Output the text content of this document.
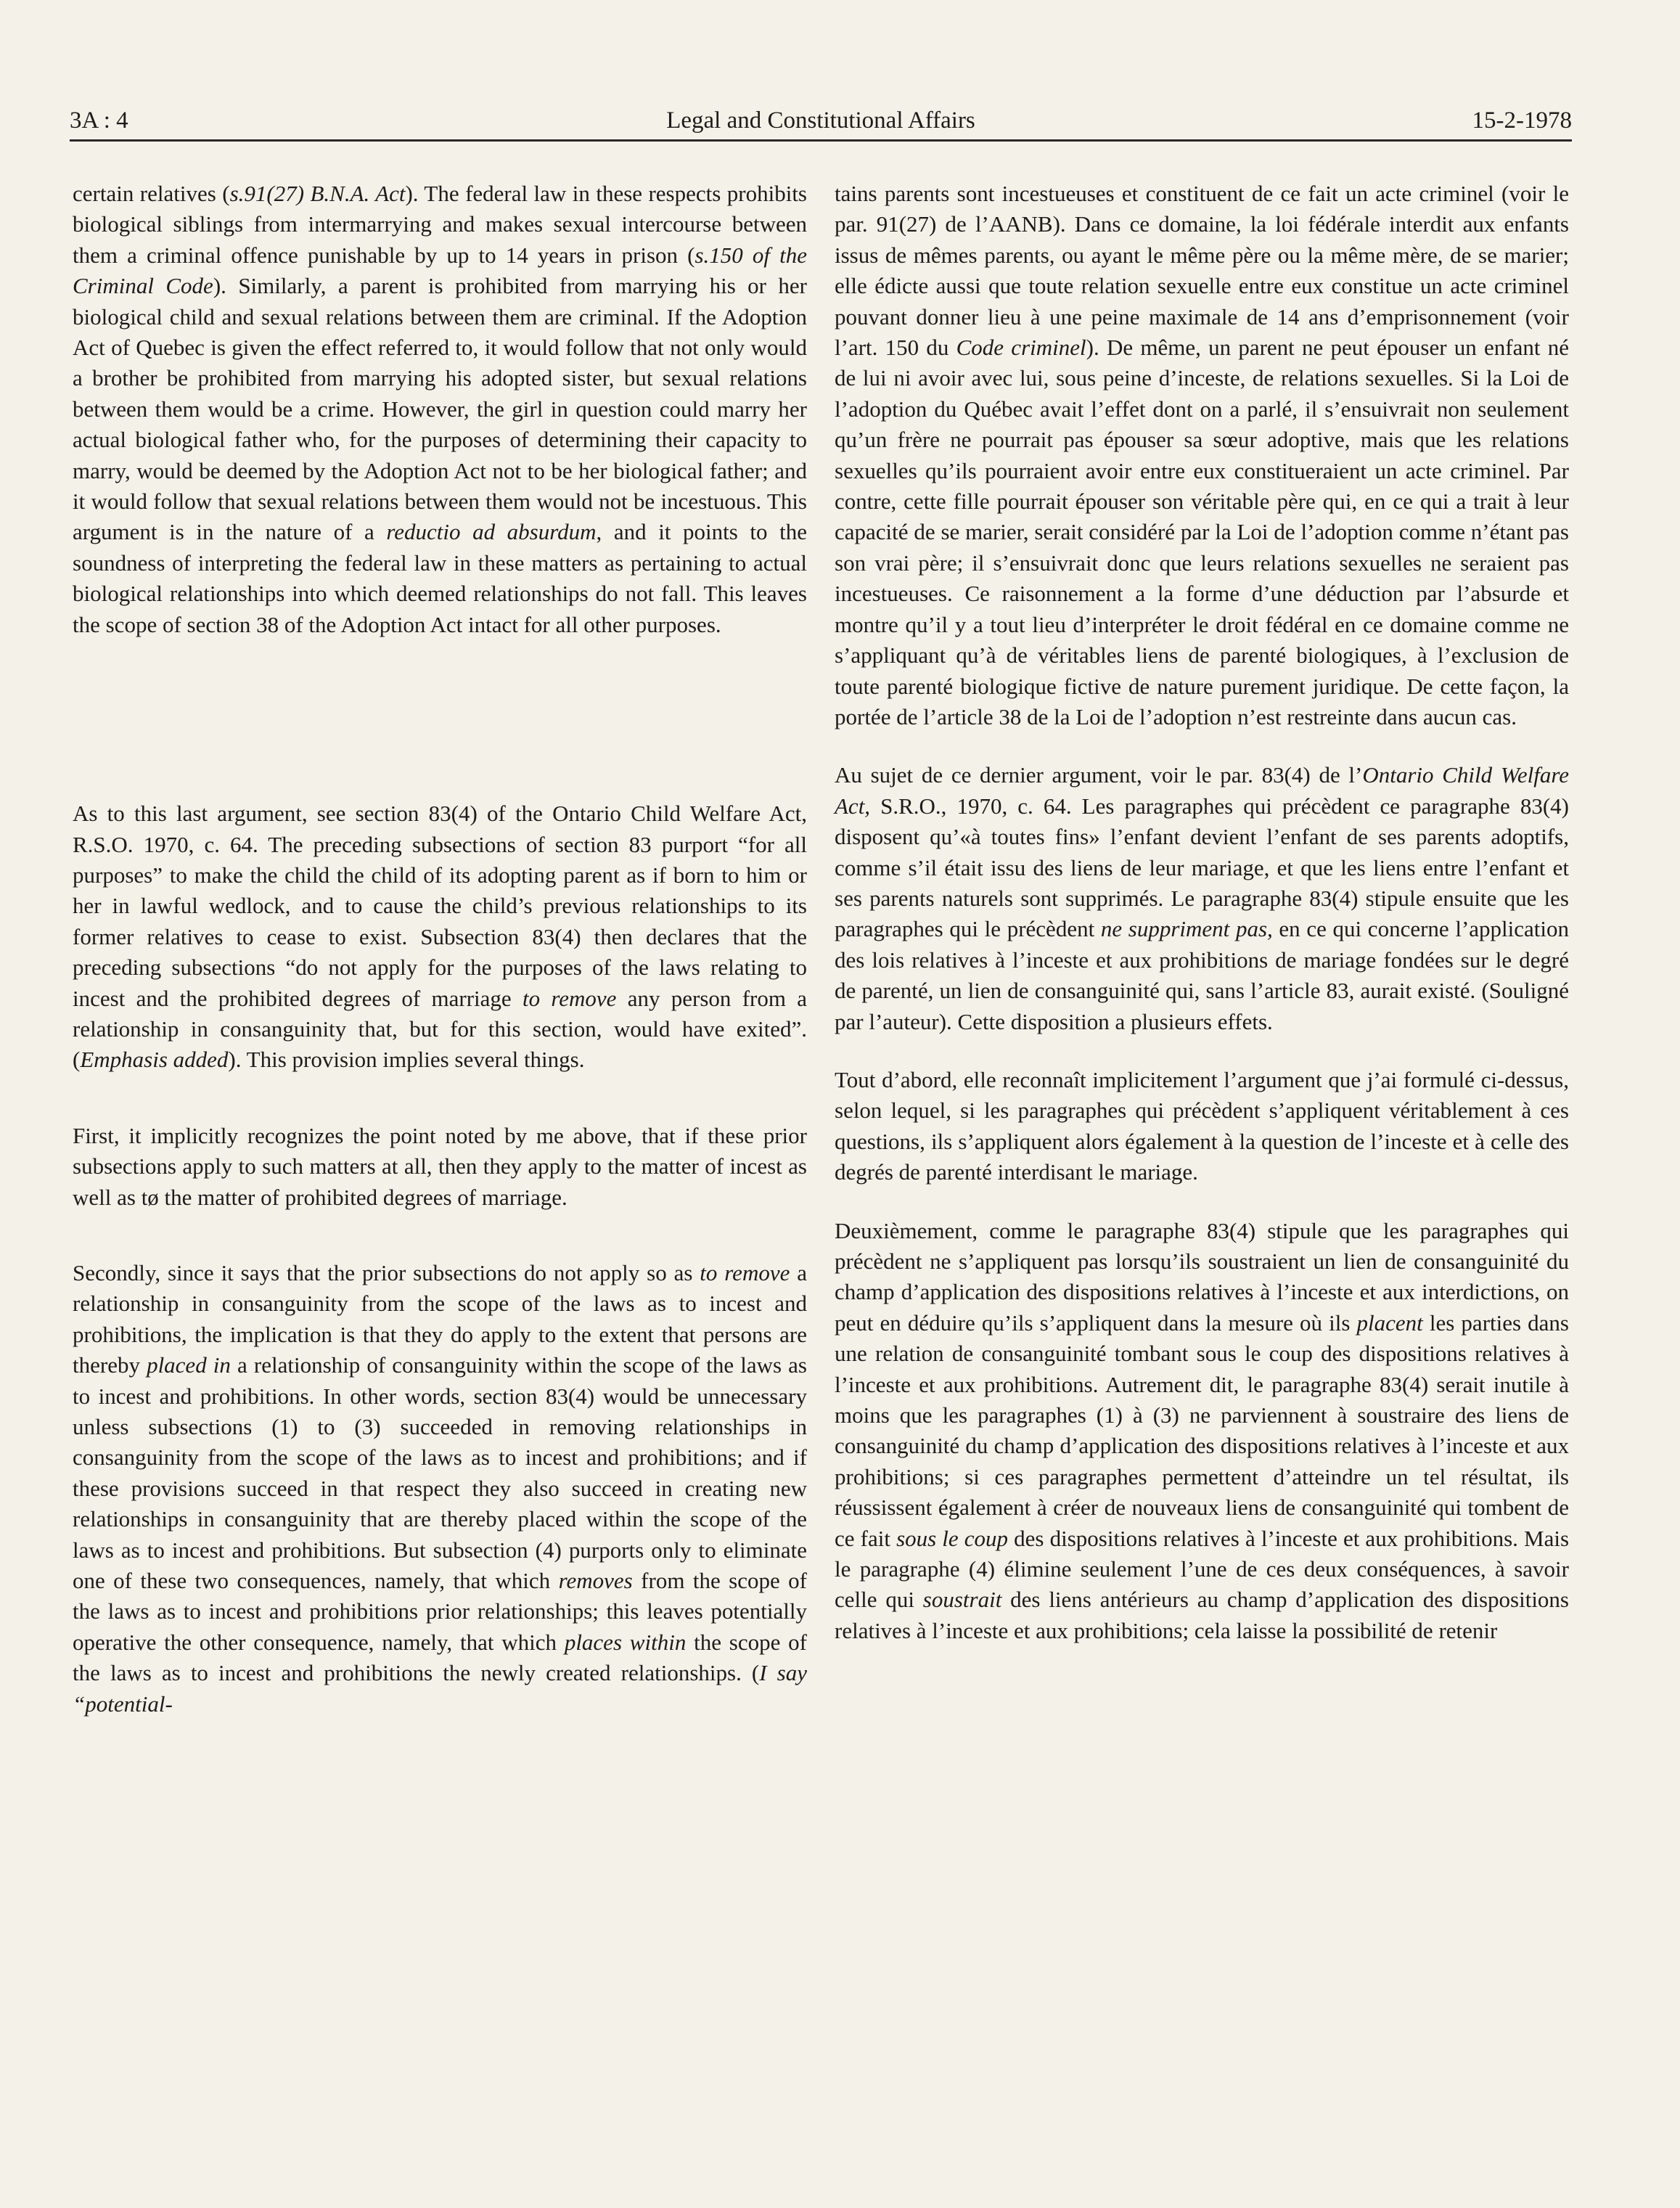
3A : 4	Legal and Constitutional Affairs	15-2-1978

certain relatives (s.91(27) B.N.A. Act). The federal law in these respects prohibits biological siblings from intermarrying and makes sexual intercourse between them a criminal offence punishable by up to 14 years in prison (s.150 of the Criminal Code). Similarly, a parent is prohibited from marrying his or her biological child and sexual relations between them are criminal. If the Adoption Act of Quebec is given the effect referred to, it would follow that not only would a brother be prohibited from marrying his adopted sister, but sexual relations between them would be a crime. However, the girl in question could marry her actual biological father who, for the purposes of determining their capacity to marry, would be deemed by the Adoption Act not to be her biological father; and it would follow that sexual relations between them would not be incestuous. This argument is in the nature of a reductio ad absurdum, and it points to the soundness of interpreting the federal law in these matters as pertaining to actual biological relationships into which deemed relationships do not fall. This leaves the scope of section 38 of the Adoption Act intact for all other purposes.

As to this last argument, see section 83(4) of the Ontario Child Welfare Act, R.S.O. 1970, c. 64. The preceding subsections of section 83 purport “for all purposes” to make the child the child of its adopting parent as if born to him or her in lawful wedlock, and to cause the child’s previous relationships to its former relatives to cease to exist. Subsection 83(4) then declares that the preceding subsections “do not apply for the purposes of the laws relating to incest and the prohibited degrees of marriage to remove any person from a relationship in consanguinity that, but for this section, would have exited”. (Emphasis added). This provision implies several things.

First, it implicitly recognizes the point noted by me above, that if these prior subsections apply to such matters at all, then they apply to the matter of incest as well as tø the matter of prohibited degrees of marriage.

Secondly, since it says that the prior subsections do not apply so as to remove a relationship in consanguinity from the scope of the laws as to incest and prohibitions, the implication is that they do apply to the extent that persons are thereby placed in a relationship of consanguinity within the scope of the laws as to incest and prohibitions. In other words, section 83(4) would be unnecessary unless subsections (1) to (3) succeeded in removing relationships in consanguinity from the scope of the laws as to incest and prohibitions; and if these provisions succeed in that respect they also succeed in creating new relationships in consanguinity that are thereby placed within the scope of the laws as to incest and prohibitions. But subsection (4) purports only to eliminate one of these two consequences, namely, that which removes from the scope of the laws as to incest and prohibitions prior relationships; this leaves potentially operative the other consequence, namely, that which places within the scope of the laws as to incest and prohibitions the newly created relationships. (I say “potential-

tains parents sont incestueuses et constituent de ce fait un acte criminel (voir le par. 91(27) de l’AANB). Dans ce domaine, la loi fédérale interdit aux enfants issus de mêmes parents, ou ayant le même père ou la même mère, de se marier; elle édicte aussi que toute relation sexuelle entre eux constitue un acte criminel pouvant donner lieu à une peine maximale de 14 ans d’emprisonnement (voir l’art. 150 du Code criminel). De même, un parent ne peut épouser un enfant né de lui ni avoir avec lui, sous peine d’inceste, de relations sexuelles. Si la Loi de l’adoption du Québec avait l’effet dont on a parlé, il s’ensuivrait non seulement qu’un frère ne pourrait pas épouser sa sœur adoptive, mais que les relations sexuelles qu’ils pourraient avoir entre eux constitueraient un acte criminel. Par contre, cette fille pourrait épouser son véritable père qui, en ce qui a trait à leur capacité de se marier, serait considéré par la Loi de l’adoption comme n’étant pas son vrai père; il s’ensuivrait donc que leurs relations sexuelles ne seraient pas incestueuses. Ce raisonnement a la forme d’une déduction par l’absurde et montre qu’il y a tout lieu d’interpréter le droit fédéral en ce domaine comme ne s’appliquant qu’à de véritables liens de parenté biologiques, à l’exclusion de toute parenté biologique fictive de nature purement juridique. De cette façon, la portée de l’article 38 de la Loi de l’adoption n’est restreinte dans aucun cas.

Au sujet de ce dernier argument, voir le par. 83(4) de l’Ontario Child Welfare Act, S.R.O., 1970, c. 64. Les paragraphes qui précèdent ce paragraphe 83(4) disposent qu’«à toutes fins» l’enfant devient l’enfant de ses parents adoptifs, comme s’il était issu des liens de leur mariage, et que les liens entre l’enfant et ses parents naturels sont supprimés. Le paragraphe 83(4) stipule ensuite que les paragraphes qui le précèdent ne suppriment pas, en ce qui concerne l’application des lois relatives à l’inceste et aux prohibitions de mariage fondées sur le degré de parenté, un lien de consanguinité qui, sans l’article 83, aurait existé. (Souligné par l’auteur). Cette disposition a plusieurs effets.

Tout d’abord, elle reconnaît implicitement l’argument que j’ai formulé ci-dessus, selon lequel, si les paragraphes qui précèdent s’appliquent véritablement à ces questions, ils s’appliquent alors également à la question de l’inceste et à celle des degrés de parenté interdisant le mariage.

Deuxièmement, comme le paragraphe 83(4) stipule que les paragraphes qui précèdent ne s’appliquent pas lorsqu’ils soustraient un lien de consanguinité du champ d’application des dispositions relatives à l’inceste et aux interdictions, on peut en déduire qu’ils s’appliquent dans la mesure où ils placent les parties dans une relation de consanguinité tombant sous le coup des dispositions relatives à l’inceste et aux prohibitions. Autrement dit, le paragraphe 83(4) serait inutile à moins que les paragraphes (1) à (3) ne parviennent à soustraire des liens de consanguinité du champ d’application des dispositions relatives à l’inceste et aux prohibitions; si ces paragraphes permettent d’atteindre un tel résultat, ils réussissent également à créer de nouveaux liens de consanguinité qui tombent de ce fait sous le coup des dispositions relatives à l’inceste et aux prohibitions. Mais le paragraphe (4) élimine seulement l’une de ces deux conséquences, à savoir celle qui soustrait des liens antérieurs au champ d’application des dispositions relatives à l’inceste et aux prohibitions; cela laisse la possibilité de retenir
